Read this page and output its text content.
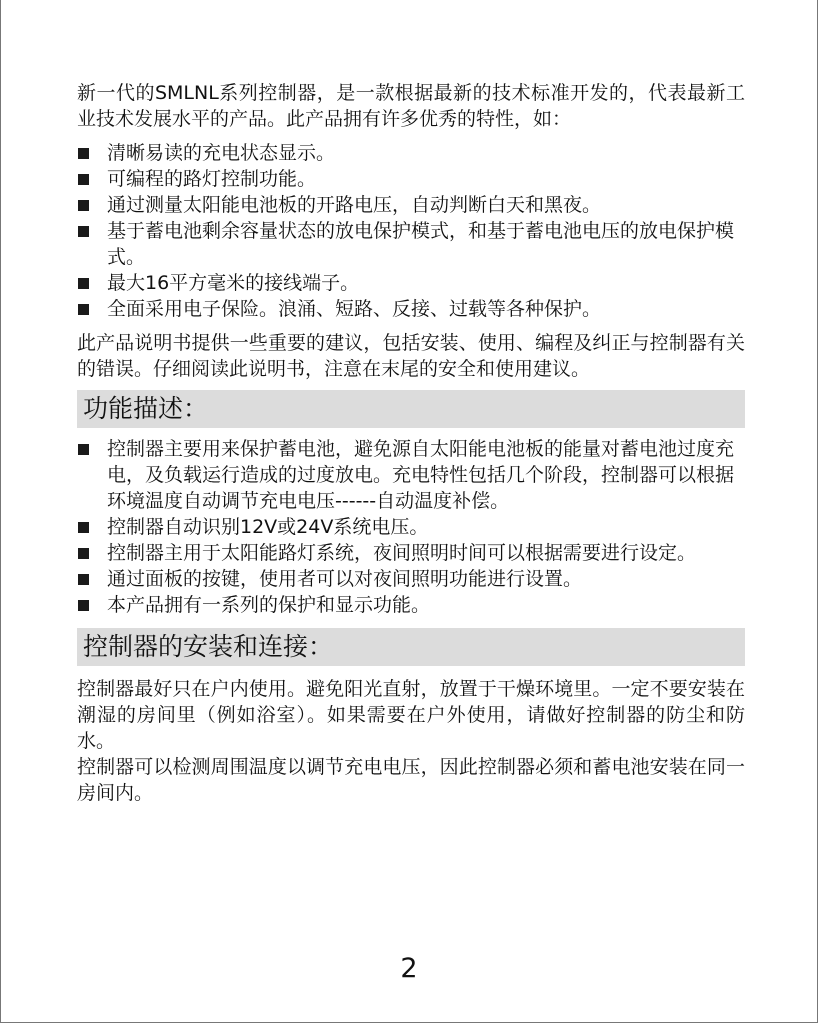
新一代的SMLNL系列控制器，是一款根据最新的技术标准开发的，代表最新工业技术发展水平的产品。此产品拥有许多优秀的特性，如：

清晰易读的充电状态显示。
可编程的路灯控制功能。
通过测量太阳能电池板的开路电压，自动判断白天和黑夜。
基于蓄电池剩余容量状态的放电保护模式，和基于蓄电池电压的放电保护模式。
最大16平方毫米的接线端子。
全面采用电子保险。浪涌、短路、反接、过载等各种保护。

此产品说明书提供一些重要的建议，包括安装、使用、编程及纠正与控制器有关的错误。仔细阅读此说明书，注意在末尾的安全和使用建议。

功能描述：
控制器主要用来保护蓄电池，避免源自太阳能电池板的能量对蓄电池过度充电，及负载运行造成的过度放电。充电特性包括几个阶段，控制器可以根据环境温度自动调节充电电压------自动温度补偿。
控制器自动识别12V或24V系统电压。
控制器主用于太阳能路灯系统，夜间照明时间可以根据需要进行设定。
通过面板的按键，使用者可以对夜间照明功能进行设置。
本产品拥有一系列的保护和显示功能。
控制器的安装和连接：

控制器最好只在户内使用。避免阳光直射，放置于干燥环境里。一定不要安装在潮湿的房间里（例如浴室）。如果需要在户外使用，请做好控制器的防尘和防水。

控制器可以检测周围温度以调节充电电压，因此控制器必须和蓄电池安装在同一房间内。

2
